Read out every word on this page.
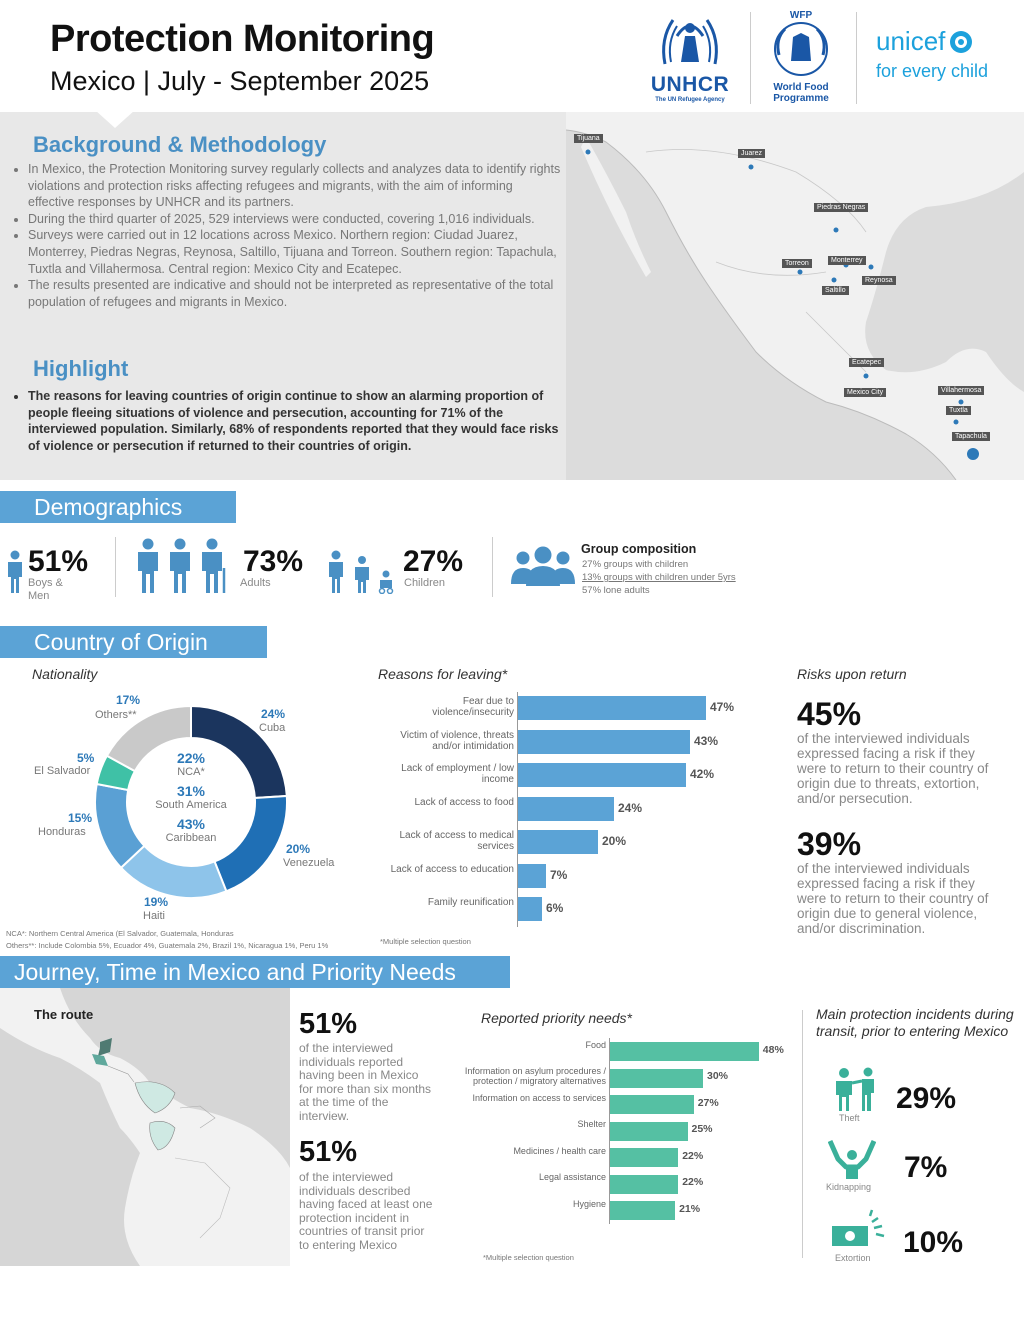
Protection Monitoring
Mexico | July - September 2025	UNHCR
The UN Refugee Agency
WFP
World Food
Programme
unicef
for every child
Background & Methodology
• In Mexico, the Protection Monitoring survey regularly collects and analyzes data to identify rights violations and protection risks affecting refugees and migrants, with the aim of informing effective responses by UNHCR and its partners.
• During the third quarter of 2025, 529 interviews were conducted, covering 1,016 individuals.
• Surveys were carried out in 12 locations across Mexico. Northern region: Ciudad Juarez, Monterrey, Piedras Negras, Reynosa, Saltillo, Tijuana and Torreon. Southern region: Tapachula, Tuxtla and Villahermosa. Central region: Mexico City and Ecatepec.
• The results presented are indicative and should not be interpreted as representative of the total population of refugees and migrants in Mexico.
Highlight
• The reasons for leaving countries of origin continue to show an alarming proportion of people fleeing situations of violence and persecution, accounting for 71% of the interviewed population. Similarly, 68% of respondents reported that they would face risks of violence or persecution if returned to their countries of origin.
Tijuana
Juarez
Piedras Negras
Torreon	Monterrey
Reynosa
Saltillo
Ecatepec
Mexico City	Villahermosa
Tuxtla
Tapachula
Demographics
51%
Boys & Men
73%
Adults
27%
Children
Group composition
27% groups with children
13% groups with children under 5yrs
57% lone adults
Country of Origin
Nationality	Reasons for leaving*	Risks upon return
22%
NCA*
31%
South America
43%
Caribbean
24%
Cuba
20%
Venezuela
19%
Haiti
15%
Honduras
5%
El Salvador
17%
Others**
NCA*: Northern Central America (El Salvador, Guatemala, Honduras
Others**: Include Colombia 5%, Ecuador 4%, Guatemala 2%, Brazil 1%, Nicaragua 1%, Peru 1%
Fear due to violence/insecurity	47%
Victim of violence, threats and/or intimidation	43%
Lack of employment / low income	42%
Lack of access to food	24%
Lack of access to medical services	20%
Lack of access to education	7%
Family reunification	6%
*Multiple selection question
45%
of the interviewed individuals expressed facing a risk if they were to return to their country of origin due to threats, extortion, and/or persecution.
39%
of the interviewed individuals expressed facing a risk if they were to return to their country of origin due to general violence, and/or discrimination.
Journey, Time in Mexico and Priority Needs
The route	51%
of the interviewed individuals reported having been in Mexico for more than six months at the time of the interview.
51%
of the interviewed individuals described having faced at least one protection incident in countries of transit prior to entering Mexico
Reported priority needs*
Food	48%
Information on asylum procedures / protection / migratory alternatives	30%
Information on access to services	27%
Shelter	25%
Medicines / health care	22%
Legal assistance	22%
Hygiene	21%
*Multiple selection question
Main protection incidents during transit, prior to entering Mexico
Theft
29%
Kidnapping
7%
Extortion 10%
